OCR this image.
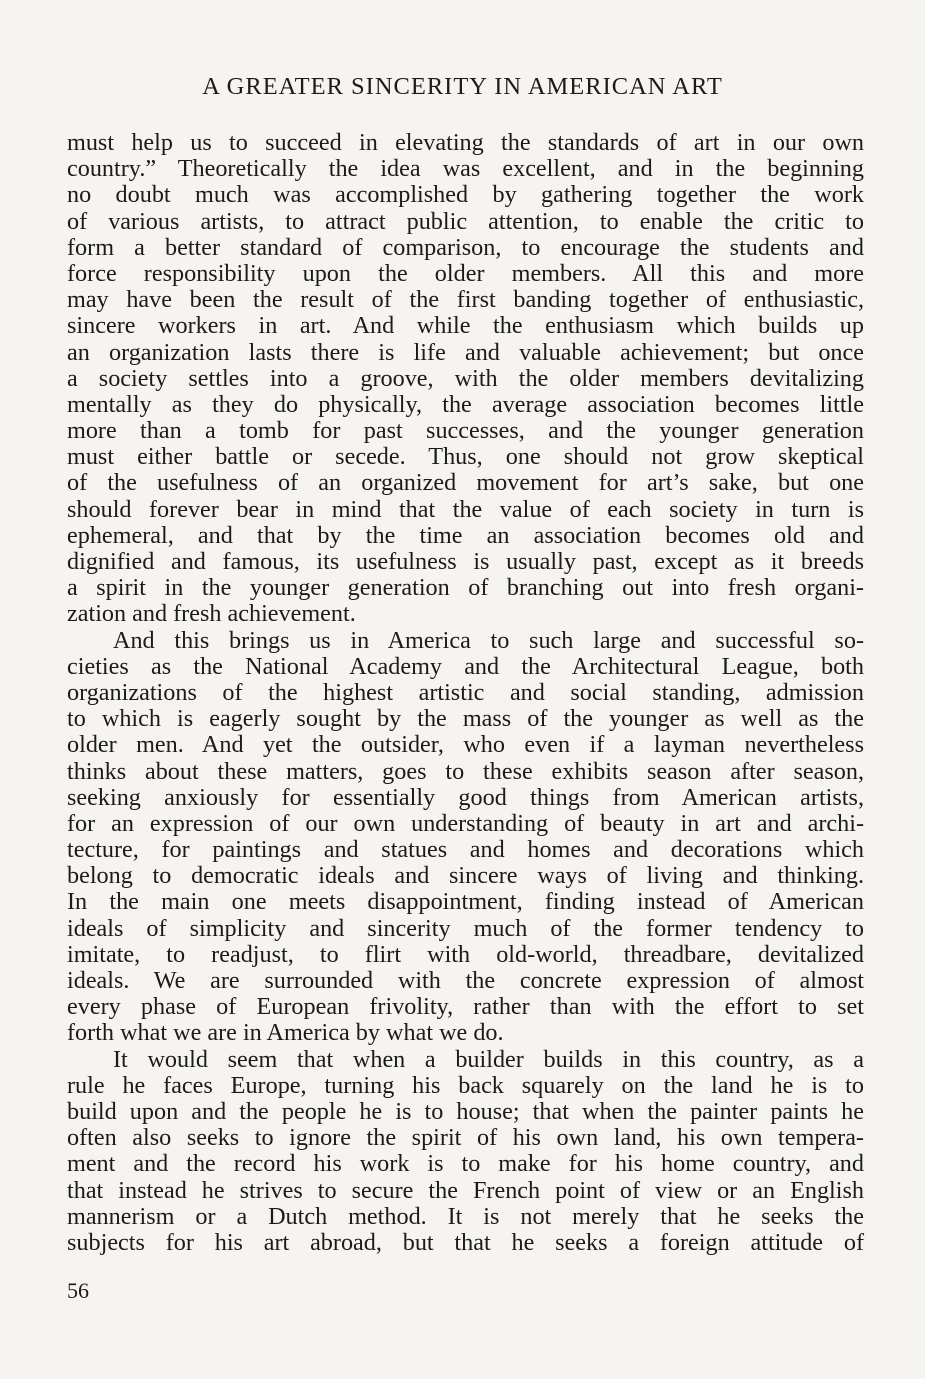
A GREATER SINCERITY IN AMERICAN ART
must help us to succeed in elevating the standards of art in our own
country.” Theoretically the idea was excellent, and in the beginning
no doubt much was accomplished by gathering together the work
of various artists, to attract public attention, to enable the critic to
form a better standard of comparison, to encourage the students and
force responsibility upon the older members. All this and more
may have been the result of the first banding together of enthusiastic,
sincere workers in art. And while the enthusiasm which builds up
an organization lasts there is life and valuable achievement; but once
a society settles into a groove, with the older members devitalizing
mentally as they do physically, the average association becomes little
more than a tomb for past successes, and the younger generation
must either battle or secede. Thus, one should not grow skeptical
of the usefulness of an organized movement for art’s sake, but one
should forever bear in mind that the value of each society in turn is
ephemeral, and that by the time an association becomes old and
dignified and famous, its usefulness is usually past, except as it breeds
a spirit in the younger generation of branching out into fresh organi-
zation and fresh achievement.
And this brings us in America to such large and successful so-
cieties as the National Academy and the Architectural League, both
organizations of the highest artistic and social standing, admission
to which is eagerly sought by the mass of the younger as well as the
older men. And yet the outsider, who even if a layman nevertheless
thinks about these matters, goes to these exhibits season after season,
seeking anxiously for essentially good things from American artists,
for an expression of our own understanding of beauty in art and archi-
tecture, for paintings and statues and homes and decorations which
belong to democratic ideals and sincere ways of living and thinking.
In the main one meets disappointment, finding instead of American
ideals of simplicity and sincerity much of the former tendency to
imitate, to readjust, to flirt with old-world, threadbare, devitalized
ideals. We are surrounded with the concrete expression of almost
every phase of European frivolity, rather than with the effort to set
forth what we are in America by what we do.
It would seem that when a builder builds in this country, as a
rule he faces Europe, turning his back squarely on the land he is to
build upon and the people he is to house; that when the painter paints he
often also seeks to ignore the spirit of his own land, his own tempera-
ment and the record his work is to make for his home country, and
that instead he strives to secure the French point of view or an English
mannerism or a Dutch method. It is not merely that he seeks the
subjects for his art abroad, but that he seeks a foreign attitude of
56
